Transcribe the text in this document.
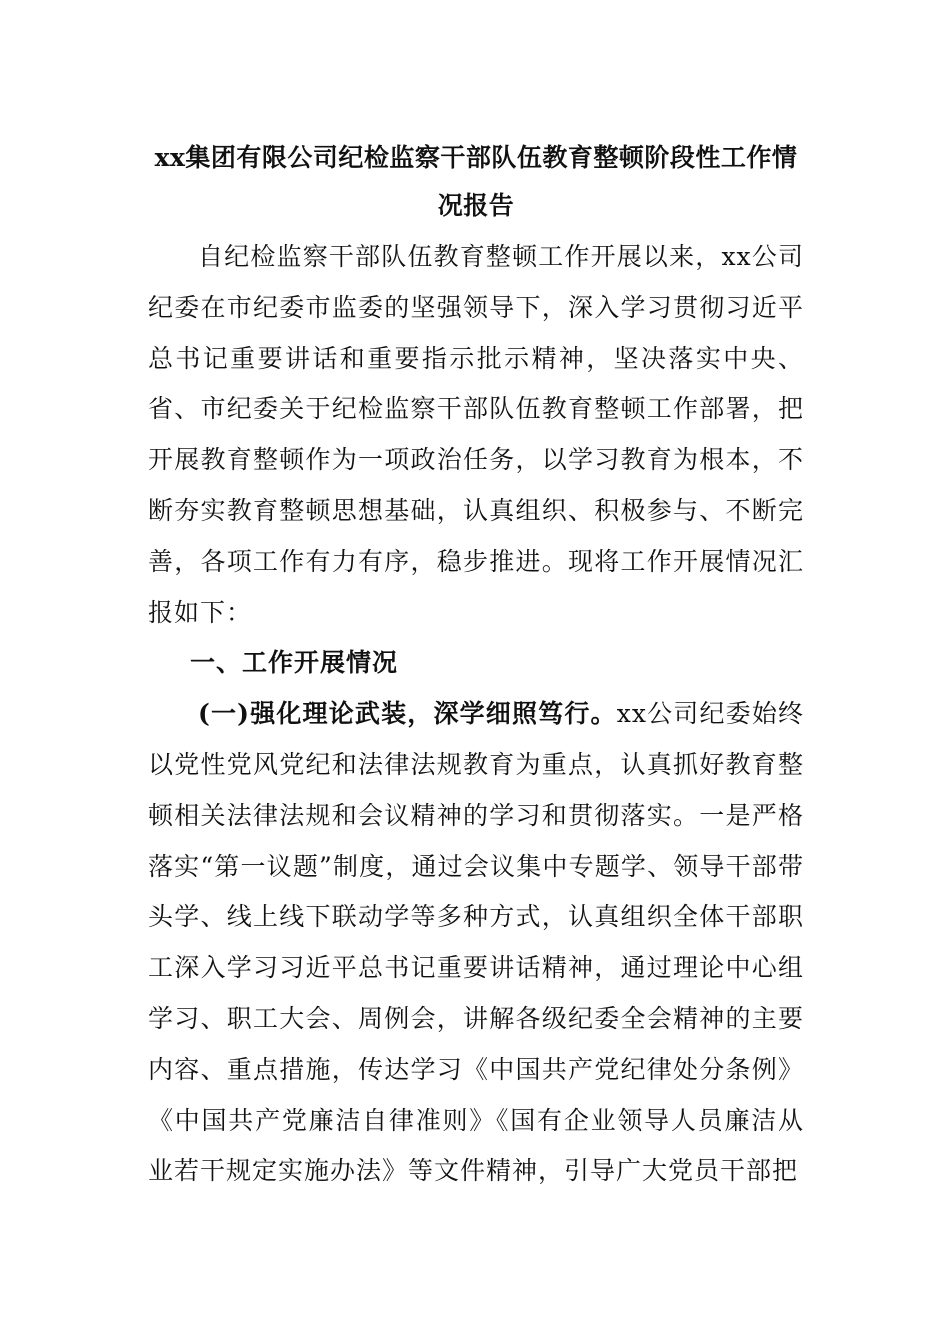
xx集团有限公司纪检监察干部队伍教育整顿阶段性工作情况报告

自纪检监察干部队伍教育整顿工作开展以来，xx公司纪委在市纪委市监委的坚强领导下，深入学习贯彻习近平总书记重要讲话和重要指示批示精神，坚决落实中央、省、市纪委关于纪检监察干部队伍教育整顿工作部署，把开展教育整顿作为一项政治任务，以学习教育为根本，不断夯实教育整顿思想基础，认真组织、积极参与、不断完善，各项工作有力有序，稳步推进。现将工作开展情况汇报如下：

一、工作开展情况

(一)强化理论武装，深学细照笃行。xx公司纪委始终以党性党风党纪和法律法规教育为重点，认真抓好教育整顿相关法律法规和会议精神的学习和贯彻落实。一是严格落实“第一议题”制度，通过会议集中专题学、领导干部带头学、线上线下联动学等多种方式，认真组织全体干部职工深入学习习近平总书记重要讲话精神，通过理论中心组学习、职工大会、周例会，讲解各级纪委全会精神的主要内容、重点措施，传达学习《中国共产党纪律处分条例》《中国共产党廉洁自律准则》《国有企业领导人员廉洁从业若干规定实施办法》等文件精神，引导广大党员干部把
